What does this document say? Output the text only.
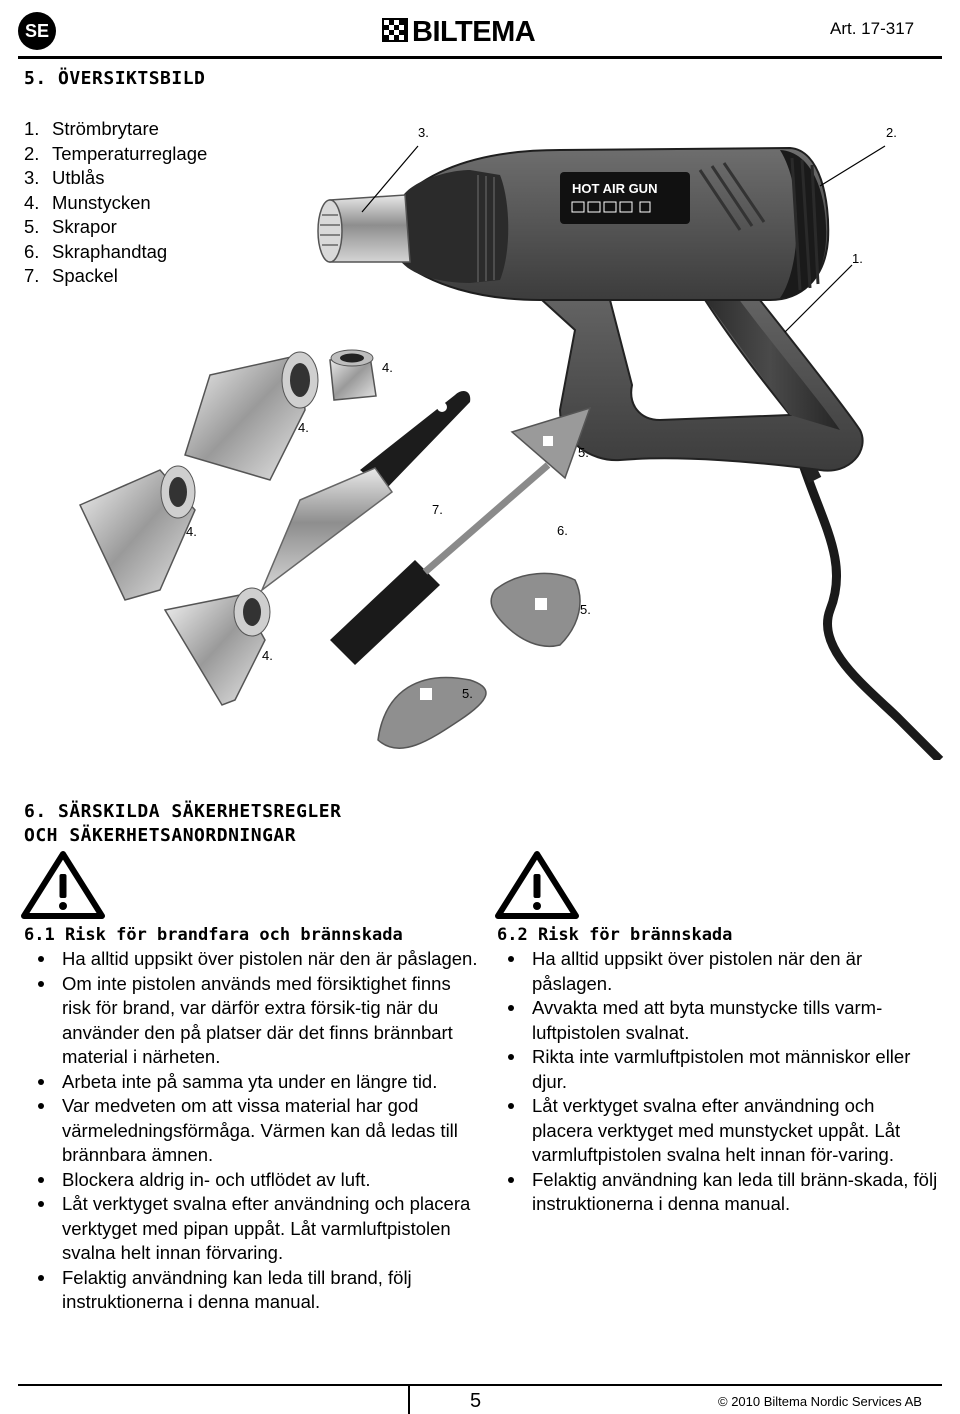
SE	BILTEMA	Art. 17-317
5. ÖVERSIKTSBILD
1. Strömbrytare
2. Temperaturreglage
3. Utblås
4. Munstycken
5. Skrapor
6. Skraphandtag
7. Spackel
HOT AIR GUN
3.	2.
1.
4.
4.
4.
4.
5.
5.
5.
6.
7.
6. SÄRSKILDA SÄKERHETSREGLER
OCH SÄKERHETSANORDNINGAR
6.1 Risk för brandfara och brännskada
Ha alltid uppsikt över pistolen när den är påslagen.
Om inte pistolen används med försiktighet finns risk för brand, var därför extra försik-tig när du använder den på platser där det finns brännbart material i närheten.
Arbeta inte på samma yta under en längre tid.
Var medveten om att vissa material har god värmeledningsförmåga. Värmen kan då ledas till brännbara ämnen.
Blockera aldrig in- och utflödet av luft.
Låt verktyget svalna efter användning och placera verktyget med pipan uppåt. Låt varmluftpistolen svalna helt innan förvaring.
Felaktig användning kan leda till brand, följ instruktionerna i denna manual.
6.2 Risk för brännskada
Ha alltid uppsikt över pistolen när den är påslagen.
Avvakta med att byta munstycke tills varm-luftpistolen svalnat.
Rikta inte varmluftpistolen mot människor eller djur.
Låt verktyget svalna efter användning och placera verktyget med munstycket uppåt. Låt varmluftpistolen svalna helt innan för-varing.
Felaktig användning kan leda till bränn-skada, följ instruktionerna i denna manual.
5	© 2010 Biltema Nordic Services AB
